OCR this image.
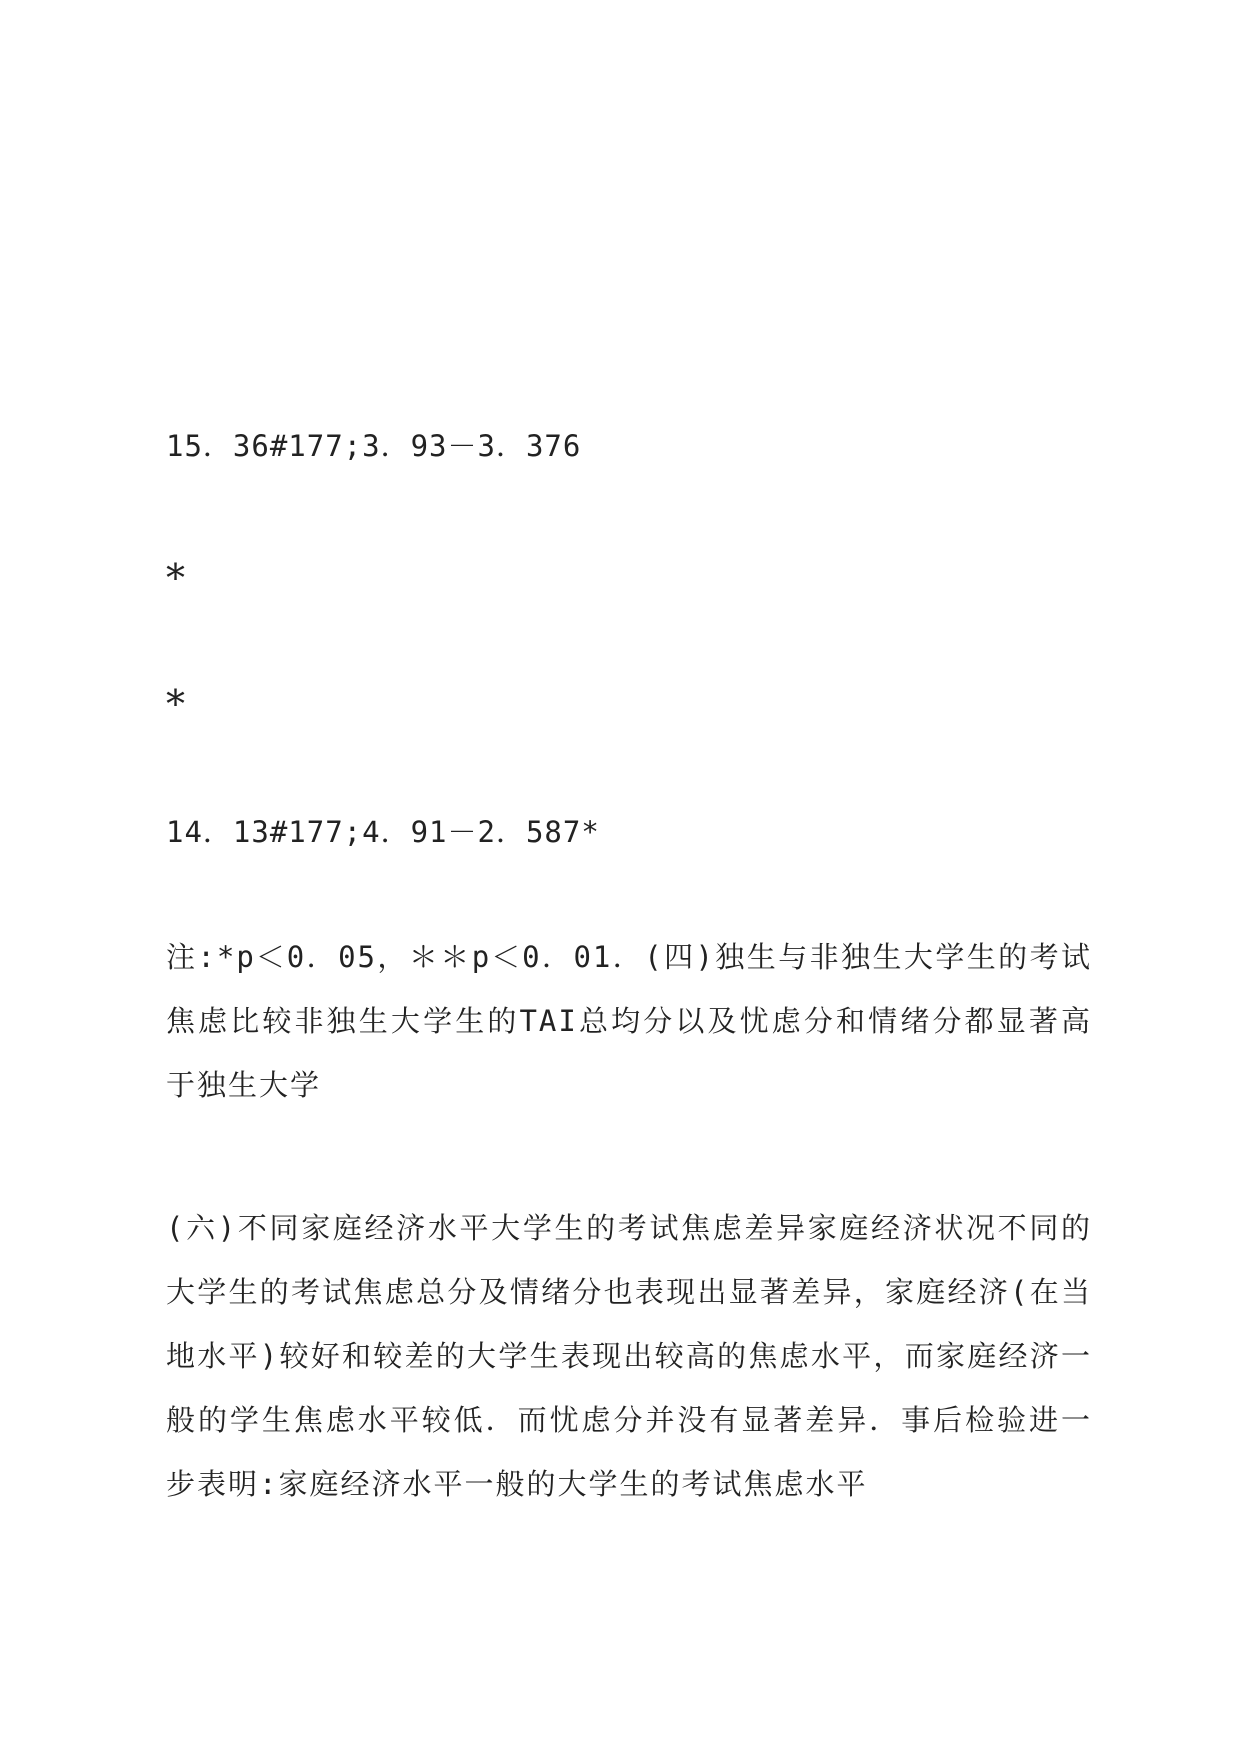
15．36#177;3．93－3．376
*
*
14．13#177;4．91－2．587*
注:*p＜0．05，＊＊p＜0．01．(四)独生与非独生大学生的考试焦虑比较非独生大学生的TAI总均分以及忧虑分和情绪分都显著高于独生大学
(六)不同家庭经济水平大学生的考试焦虑差异家庭经济状况不同的大学生的考试焦虑总分及情绪分也表现出显著差异，家庭经济(在当地水平)较好和较差的大学生表现出较高的焦虑水平，而家庭经济一般的学生焦虑水平较低．而忧虑分并没有显著差异．事后检验进一步表明:家庭经济水平一般的大学生的考试焦虑水平
